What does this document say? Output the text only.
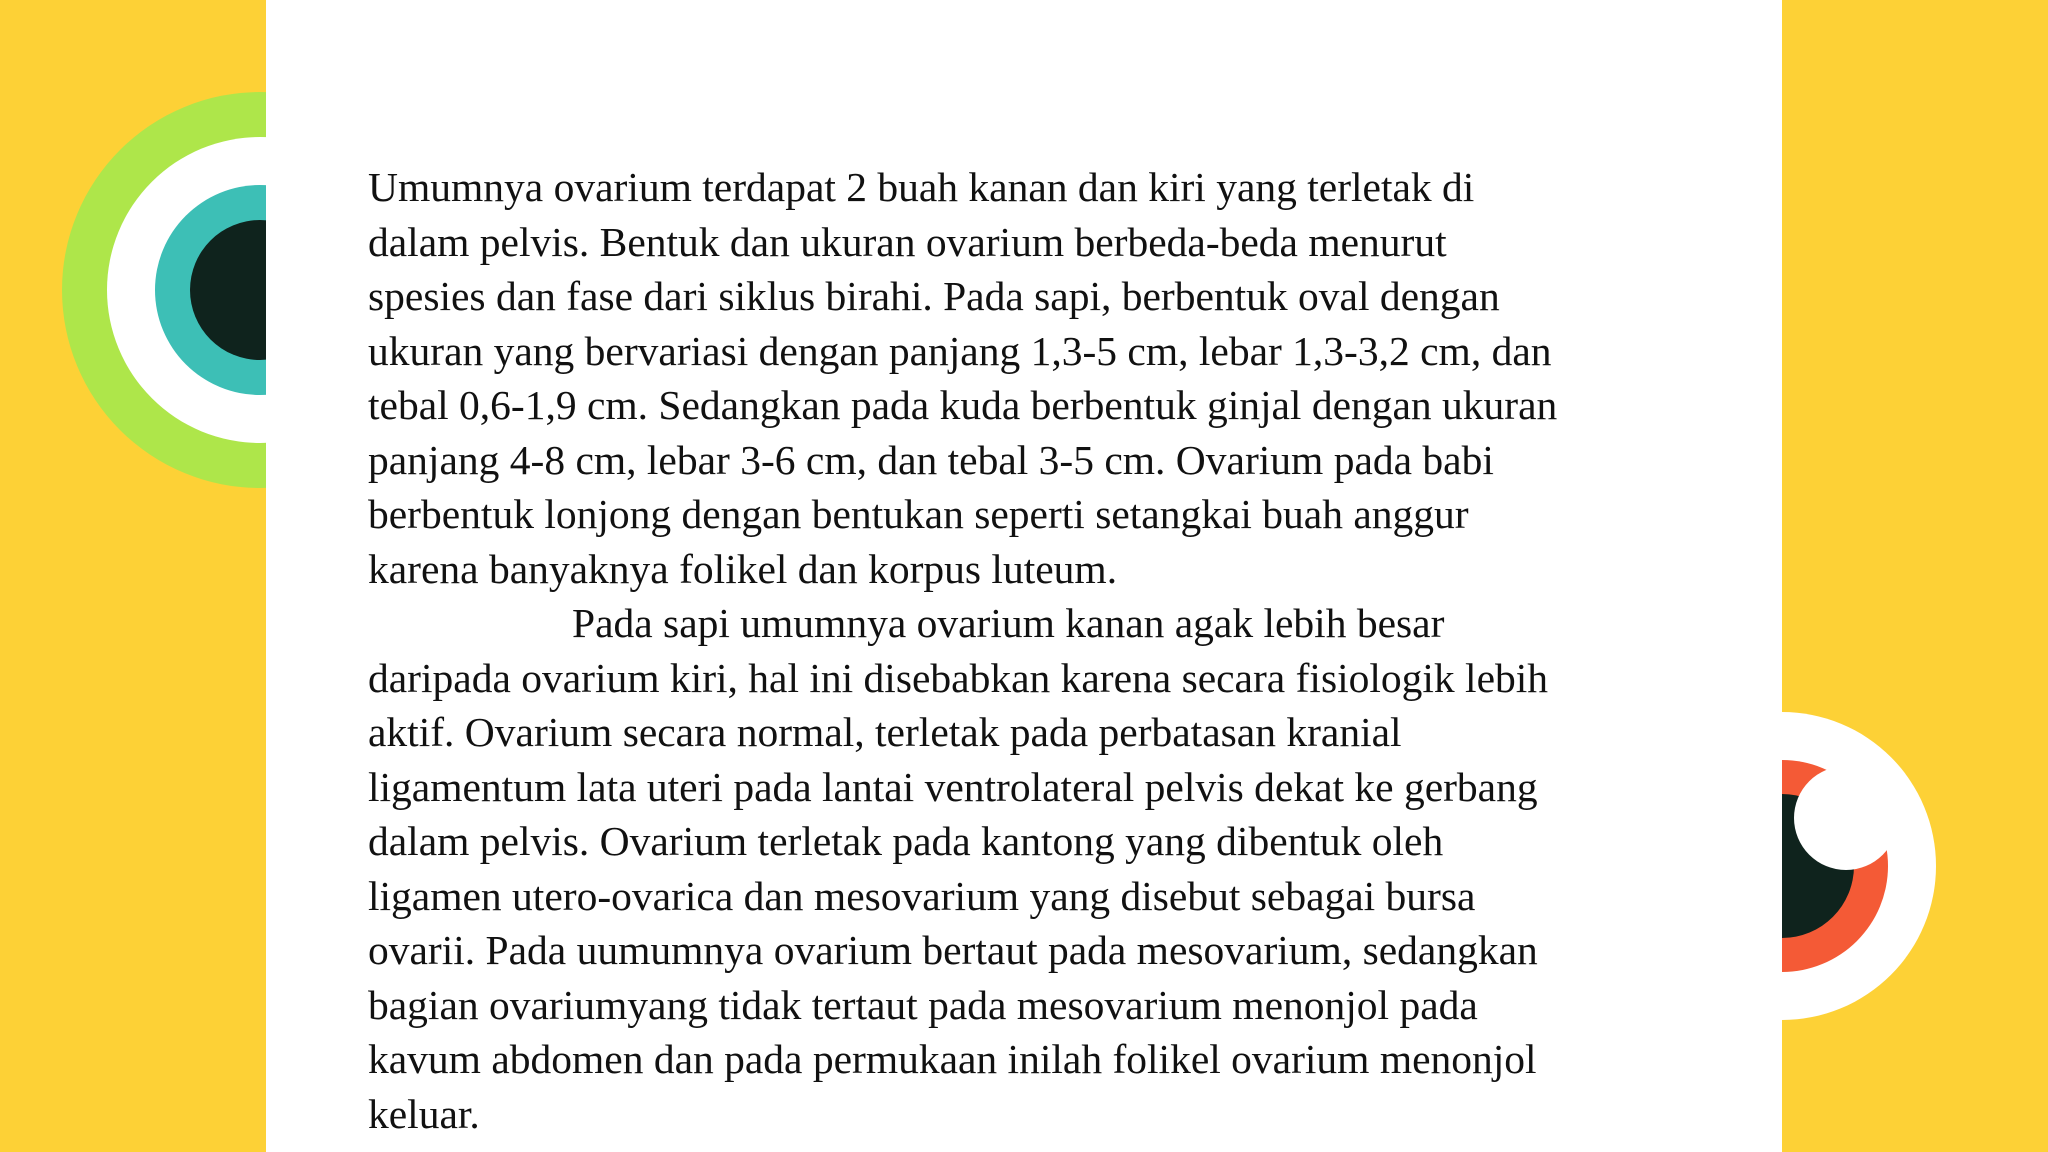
Umumnya ovarium terdapat 2 buah kanan dan kiri yang terletak di
dalam pelvis. Bentuk dan ukuran ovarium berbeda-beda menurut
spesies dan fase dari siklus birahi. Pada sapi, berbentuk oval dengan
ukuran yang bervariasi dengan panjang 1,3-5 cm, lebar 1,3-3,2 cm, dan
tebal 0,6-1,9 cm. Sedangkan pada kuda berbentuk ginjal dengan ukuran
panjang 4-8 cm, lebar 3-6 cm, dan tebal 3-5 cm. Ovarium pada babi
berbentuk lonjong dengan bentukan seperti setangkai buah anggur
karena banyaknya folikel dan korpus luteum.
Pada sapi umumnya ovarium kanan agak lebih besar
daripada ovarium kiri, hal ini disebabkan karena secara fisiologik lebih
aktif. Ovarium secara normal, terletak pada perbatasan kranial
ligamentum lata uteri pada lantai ventrolateral pelvis dekat ke gerbang
dalam pelvis. Ovarium terletak pada kantong yang dibentuk oleh
ligamen utero-ovarica dan mesovarium yang disebut sebagai bursa
ovarii. Pada uumumnya ovarium bertaut pada mesovarium, sedangkan
bagian ovariumyang tidak tertaut pada mesovarium menonjol pada
kavum abdomen dan pada permukaan inilah folikel ovarium menonjol
keluar.
